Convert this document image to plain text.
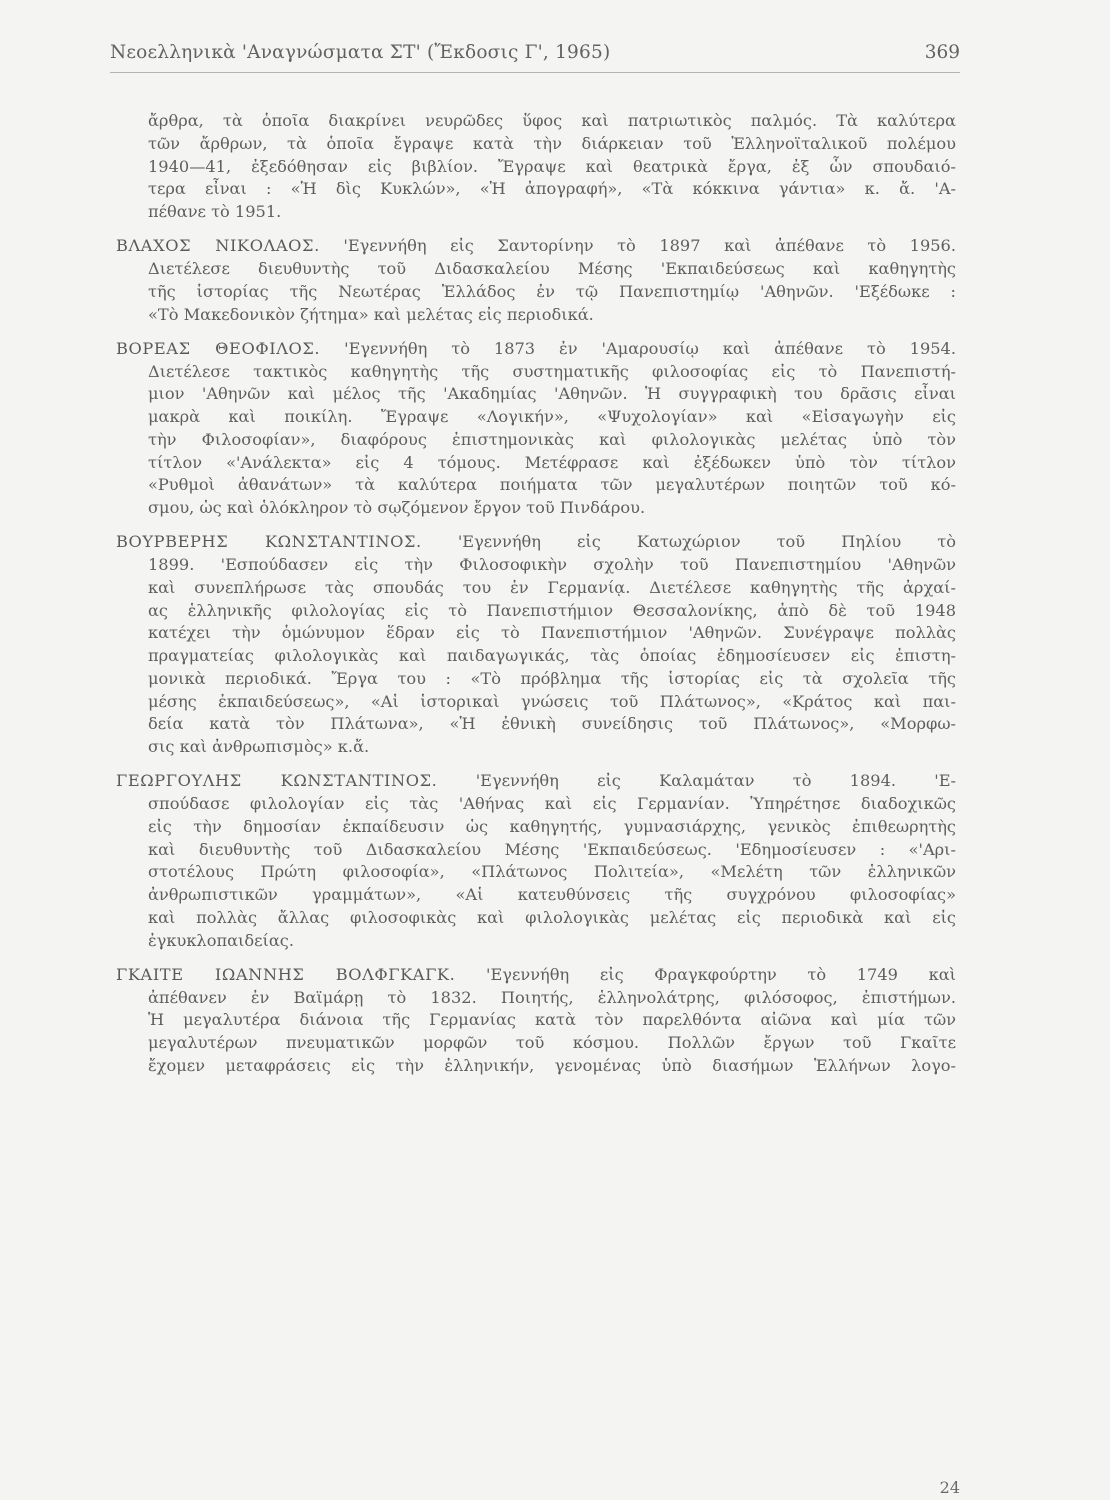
Νεοελληνικὰ 'Αναγνώσματα ΣΤ' (Ἔκδοσις Γ', 1965)	369
ἄρθρα, τὰ ὁποῖα διακρίνει νευρῶδες ὕφος καὶ πατριωτικὸς παλμός. Τὰ καλύτερα
τῶν ἄρθρων, τὰ ὁποῖα ἔγραψε κατὰ τὴν διάρκειαν τοῦ Ἑλληνοϊταλικοῦ πολέμου
1940—41, ἐξεδόθησαν εἰς βιβλίον. Ἔγραψε καὶ θεατρικὰ ἔργα, ἐξ ὧν σπουδαιό-
τερα εἶναι : «Ἡ δὶς Κυκλών», «Ἡ ἀπογραφή», «Τὰ κόκκινα γάντια» κ. ἄ. 'Α-
πέθανε τὸ 1951.
ΒΛΑΧΟΣ ΝΙΚΟΛΑΟΣ. 'Εγεννήθη εἰς Σαντορίνην τὸ 1897 καὶ ἀπέθανε τὸ 1956.
Διετέλεσε διευθυντὴς τοῦ Διδασκαλείου Μέσης 'Εκπαιδεύσεως καὶ καθηγητὴς
τῆς ἱστορίας τῆς Νεωτέρας Ἑλλάδος ἐν τῷ Πανεπιστημίῳ 'Αθηνῶν. 'Εξέδωκε :
«Τὸ Μακεδονικὸν ζήτημα» καὶ μελέτας εἰς περιοδικά.
ΒΟΡΕΑΣ ΘΕΟΦΙΛΟΣ. 'Εγεννήθη τὸ 1873 ἐν 'Αμαρουσίῳ καὶ ἀπέθανε τὸ 1954.
Διετέλεσε τακτικὸς καθηγητὴς τῆς συστηματικῆς φιλοσοφίας εἰς τὸ Πανεπιστή-
μιον 'Αθηνῶν καὶ μέλος τῆς 'Ακαδημίας 'Αθηνῶν. Ἡ συγγραφικὴ του δρᾶσις εἶναι
μακρὰ καὶ ποικίλη. Ἔγραψε «Λογικήν», «Ψυχολογίαν» καὶ «Εἰσαγωγὴν εἰς
τὴν Φιλοσοφίαν», διαφόρους ἐπιστημονικὰς καὶ φιλολογικὰς μελέτας ὑπὸ τὸν
τίτλον «'Ανάλεκτα» εἰς 4 τόμους. Μετέφρασε καὶ ἐξέδωκεν ὑπὸ τὸν τίτλον
«Ρυθμοὶ ἀθανάτων» τὰ καλύτερα ποιήματα τῶν μεγαλυτέρων ποιητῶν τοῦ κό-
σμου, ὡς καὶ ὁλόκληρον τὸ σῳζόμενον ἔργον τοῦ Πινδάρου.
ΒΟΥΡΒΕΡΗΣ ΚΩΝΣΤΑΝΤΙΝΟΣ. 'Εγεννήθη εἰς Κατωχώριον τοῦ Πηλίου τὸ
1899. 'Εσπούδασεν εἰς τὴν Φιλοσοφικὴν σχολὴν τοῦ Πανεπιστημίου 'Αθηνῶν
καὶ συνεπλήρωσε τὰς σπουδάς του ἐν Γερμανίᾳ. Διετέλεσε καθηγητὴς τῆς ἀρχαί-
ας ἑλληνικῆς φιλολογίας εἰς τὸ Πανεπιστήμιον Θεσσαλονίκης, ἀπὸ δὲ τοῦ 1948
κατέχει τὴν ὁμώνυμον ἕδραν εἰς τὸ Πανεπιστήμιον 'Αθηνῶν. Συνέγραψε πολλὰς
πραγματείας φιλολογικὰς καὶ παιδαγωγικάς, τὰς ὁποίας ἐδημοσίευσεν εἰς ἐπιστη-
μονικὰ περιοδικά. Ἔργα του : «Τὸ πρόβλημα τῆς ἱστορίας εἰς τὰ σχολεῖα τῆς
μέσης ἐκπαιδεύσεως», «Αἱ ἱστορικαὶ γνώσεις τοῦ Πλάτωνος», «Κράτος καὶ παι-
δεία κατὰ τὸν Πλάτωνα», «Ἡ ἐθνικὴ συνείδησις τοῦ Πλάτωνος», «Μορφω-
σις καὶ ἀνθρωπισμὸς» κ.ἄ.
ΓΕΩΡΓΟΥΛΗΣ ΚΩΝΣΤΑΝΤΙΝΟΣ. 'Εγεννήθη εἰς Καλαμάταν τὸ 1894. 'Ε-
σπούδασε φιλολογίαν εἰς τὰς 'Αθήνας καὶ εἰς Γερμανίαν. Ὑπηρέτησε διαδοχικῶς
εἰς τὴν δημοσίαν ἐκπαίδευσιν ὡς καθηγητής, γυμνασιάρχης, γενικὸς ἐπιθεωρητὴς
καὶ διευθυντὴς τοῦ Διδασκαλείου Μέσης 'Εκπαιδεύσεως. 'Εδημοσίευσεν : «'Αρι-
στοτέλους Πρώτη φιλοσοφία», «Πλάτωνος Πολιτεία», «Μελέτη τῶν ἑλληνικῶν
ἀνθρωπιστικῶν γραμμάτων», «Αἱ κατευθύνσεις τῆς συγχρόνου φιλοσοφίας»
καὶ πολλὰς ἄλλας φιλοσοφικὰς καὶ φιλολογικὰς μελέτας εἰς περιοδικὰ καὶ εἰς
ἐγκυκλοπαιδείας.
ΓΚΑΙΤΕ ΙΩΑΝΝΗΣ ΒΟΛΦΓΚΑΓΚ. 'Εγεννήθη εἰς Φραγκφούρτην τὸ 1749 καὶ
ἀπέθανεν ἐν Βαϊμάρῃ τὸ 1832. Ποιητής, ἑλληνολάτρης, φιλόσοφος, ἐπιστήμων.
Ἡ μεγαλυτέρα διάνοια τῆς Γερμανίας κατὰ τὸν παρελθόντα αἰῶνα καὶ μία τῶν
μεγαλυτέρων πνευματικῶν μορφῶν τοῦ κόσμου. Πολλῶν ἔργων τοῦ Γκαῖτε
ἔχομεν μεταφράσεις εἰς τὴν ἑλληνικήν, γενομένας ὑπὸ διασήμων Ἑλλήνων λογο-
24
